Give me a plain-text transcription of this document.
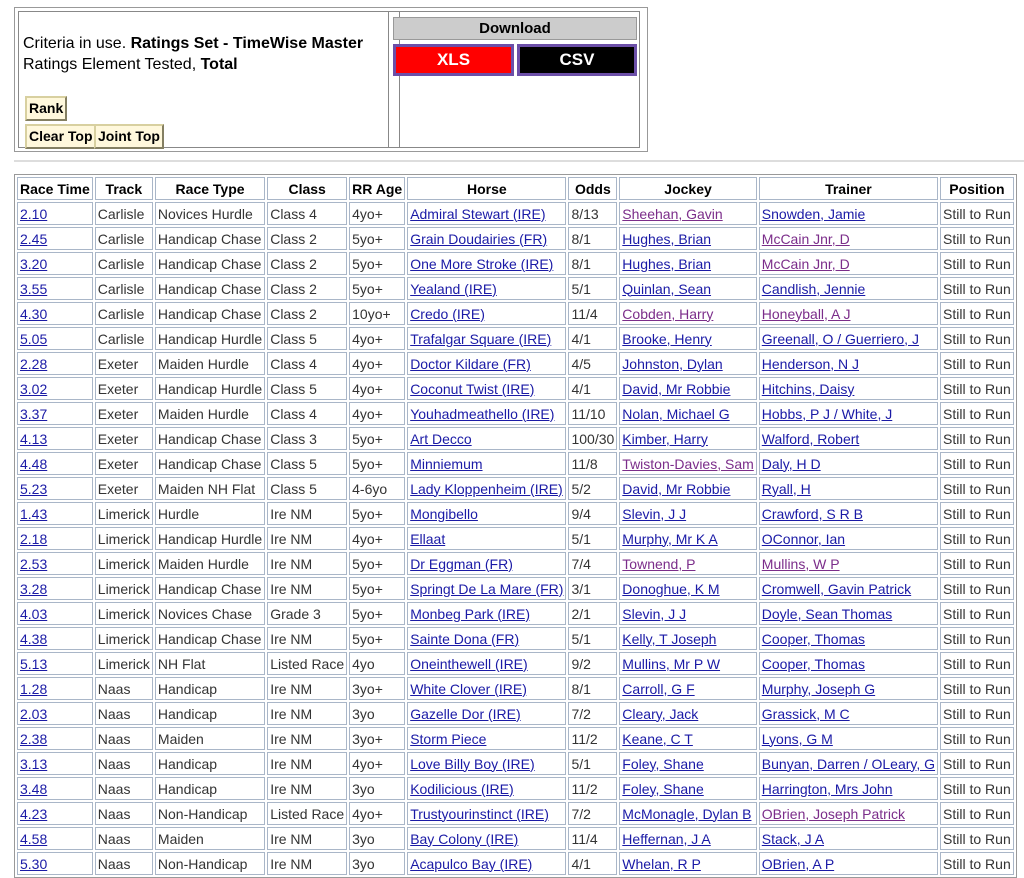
Criteria in use. Ratings Set - TimeWise Master
Ratings Element Tested, Total
Rank
Clear Top Joint Top
Download
XLS	CSV
Race Time	Track	Race Type	Class	RR Age	Horse	Odds	Jockey	Trainer	Position
2.10	Carlisle	Novices Hurdle	Class 4	4yo+	Admiral Stewart (IRE)	8/13	Sheehan, Gavin	Snowden, Jamie	Still to Run
2.45	Carlisle	Handicap Chase	Class 2	5yo+	Grain Doudairies (FR)	8/1	Hughes, Brian	McCain Jnr, D	Still to Run
3.20	Carlisle	Handicap Chase	Class 2	5yo+	One More Stroke (IRE)	8/1	Hughes, Brian	McCain Jnr, D	Still to Run
3.55	Carlisle	Handicap Chase	Class 2	5yo+	Yealand (IRE)	5/1	Quinlan, Sean	Candlish, Jennie	Still to Run
4.30	Carlisle	Handicap Chase	Class 2	10yo+	Credo (IRE)	11/4	Cobden, Harry	Honeyball, A J	Still to Run
5.05	Carlisle	Handicap Hurdle	Class 5	4yo+	Trafalgar Square (IRE)	4/1	Brooke, Henry	Greenall, O / Guerriero, J	Still to Run
2.28	Exeter	Maiden Hurdle	Class 4	4yo+	Doctor Kildare (FR)	4/5	Johnston, Dylan	Henderson, N J	Still to Run
3.02	Exeter	Handicap Hurdle	Class 5	4yo+	Coconut Twist (IRE)	4/1	David, Mr Robbie	Hitchins, Daisy	Still to Run
3.37	Exeter	Maiden Hurdle	Class 4	4yo+	Youhadmeathello (IRE)	11/10	Nolan, Michael G	Hobbs, P J / White, J	Still to Run
4.13	Exeter	Handicap Chase	Class 3	5yo+	Art Decco	100/30	Kimber, Harry	Walford, Robert	Still to Run
4.48	Exeter	Handicap Chase	Class 5	5yo+	Minniemum	11/8	Twiston-Davies, Sam	Daly, H D	Still to Run
5.23	Exeter	Maiden NH Flat	Class 5	4-6yo	Lady Kloppenheim (IRE)	5/2	David, Mr Robbie	Ryall, H	Still to Run
1.43	Limerick	Hurdle	Ire NM	5yo+	Mongibello	9/4	Slevin, J J	Crawford, S R B	Still to Run
2.18	Limerick	Handicap Hurdle	Ire NM	4yo+	Ellaat	5/1	Murphy, Mr K A	OConnor, Ian	Still to Run
2.53	Limerick	Maiden Hurdle	Ire NM	5yo+	Dr Eggman (FR)	7/4	Townend, P	Mullins, W P	Still to Run
3.28	Limerick	Handicap Chase	Ire NM	5yo+	Springt De La Mare (FR)	3/1	Donoghue, K M	Cromwell, Gavin Patrick	Still to Run
4.03	Limerick	Novices Chase	Grade 3	5yo+	Monbeg Park (IRE)	2/1	Slevin, J J	Doyle, Sean Thomas	Still to Run
4.38	Limerick	Handicap Chase	Ire NM	5yo+	Sainte Dona (FR)	5/1	Kelly, T Joseph	Cooper, Thomas	Still to Run
5.13	Limerick	NH Flat	Listed Race	4yo	Oneinthewell (IRE)	9/2	Mullins, Mr P W	Cooper, Thomas	Still to Run
1.28	Naas	Handicap	Ire NM	3yo+	White Clover (IRE)	8/1	Carroll, G F	Murphy, Joseph G	Still to Run
2.03	Naas	Handicap	Ire NM	3yo	Gazelle Dor (IRE)	7/2	Cleary, Jack	Grassick, M C	Still to Run
2.38	Naas	Maiden	Ire NM	3yo+	Storm Piece	11/2	Keane, C T	Lyons, G M	Still to Run
3.13	Naas	Handicap	Ire NM	4yo+	Love Billy Boy (IRE)	5/1	Foley, Shane	Bunyan, Darren / OLeary, G	Still to Run
3.48	Naas	Handicap	Ire NM	3yo	Kodilicious (IRE)	11/2	Foley, Shane	Harrington, Mrs John	Still to Run
4.23	Naas	Non-Handicap	Listed Race	4yo+	Trustyourinstinct (IRE)	7/2	McMonagle, Dylan B	OBrien, Joseph Patrick	Still to Run
4.58	Naas	Maiden	Ire NM	3yo	Bay Colony (IRE)	11/4	Heffernan, J A	Stack, J A	Still to Run
5.30	Naas	Non-Handicap	Ire NM	3yo	Acapulco Bay (IRE)	4/1	Whelan, R P	OBrien, A P	Still to Run
